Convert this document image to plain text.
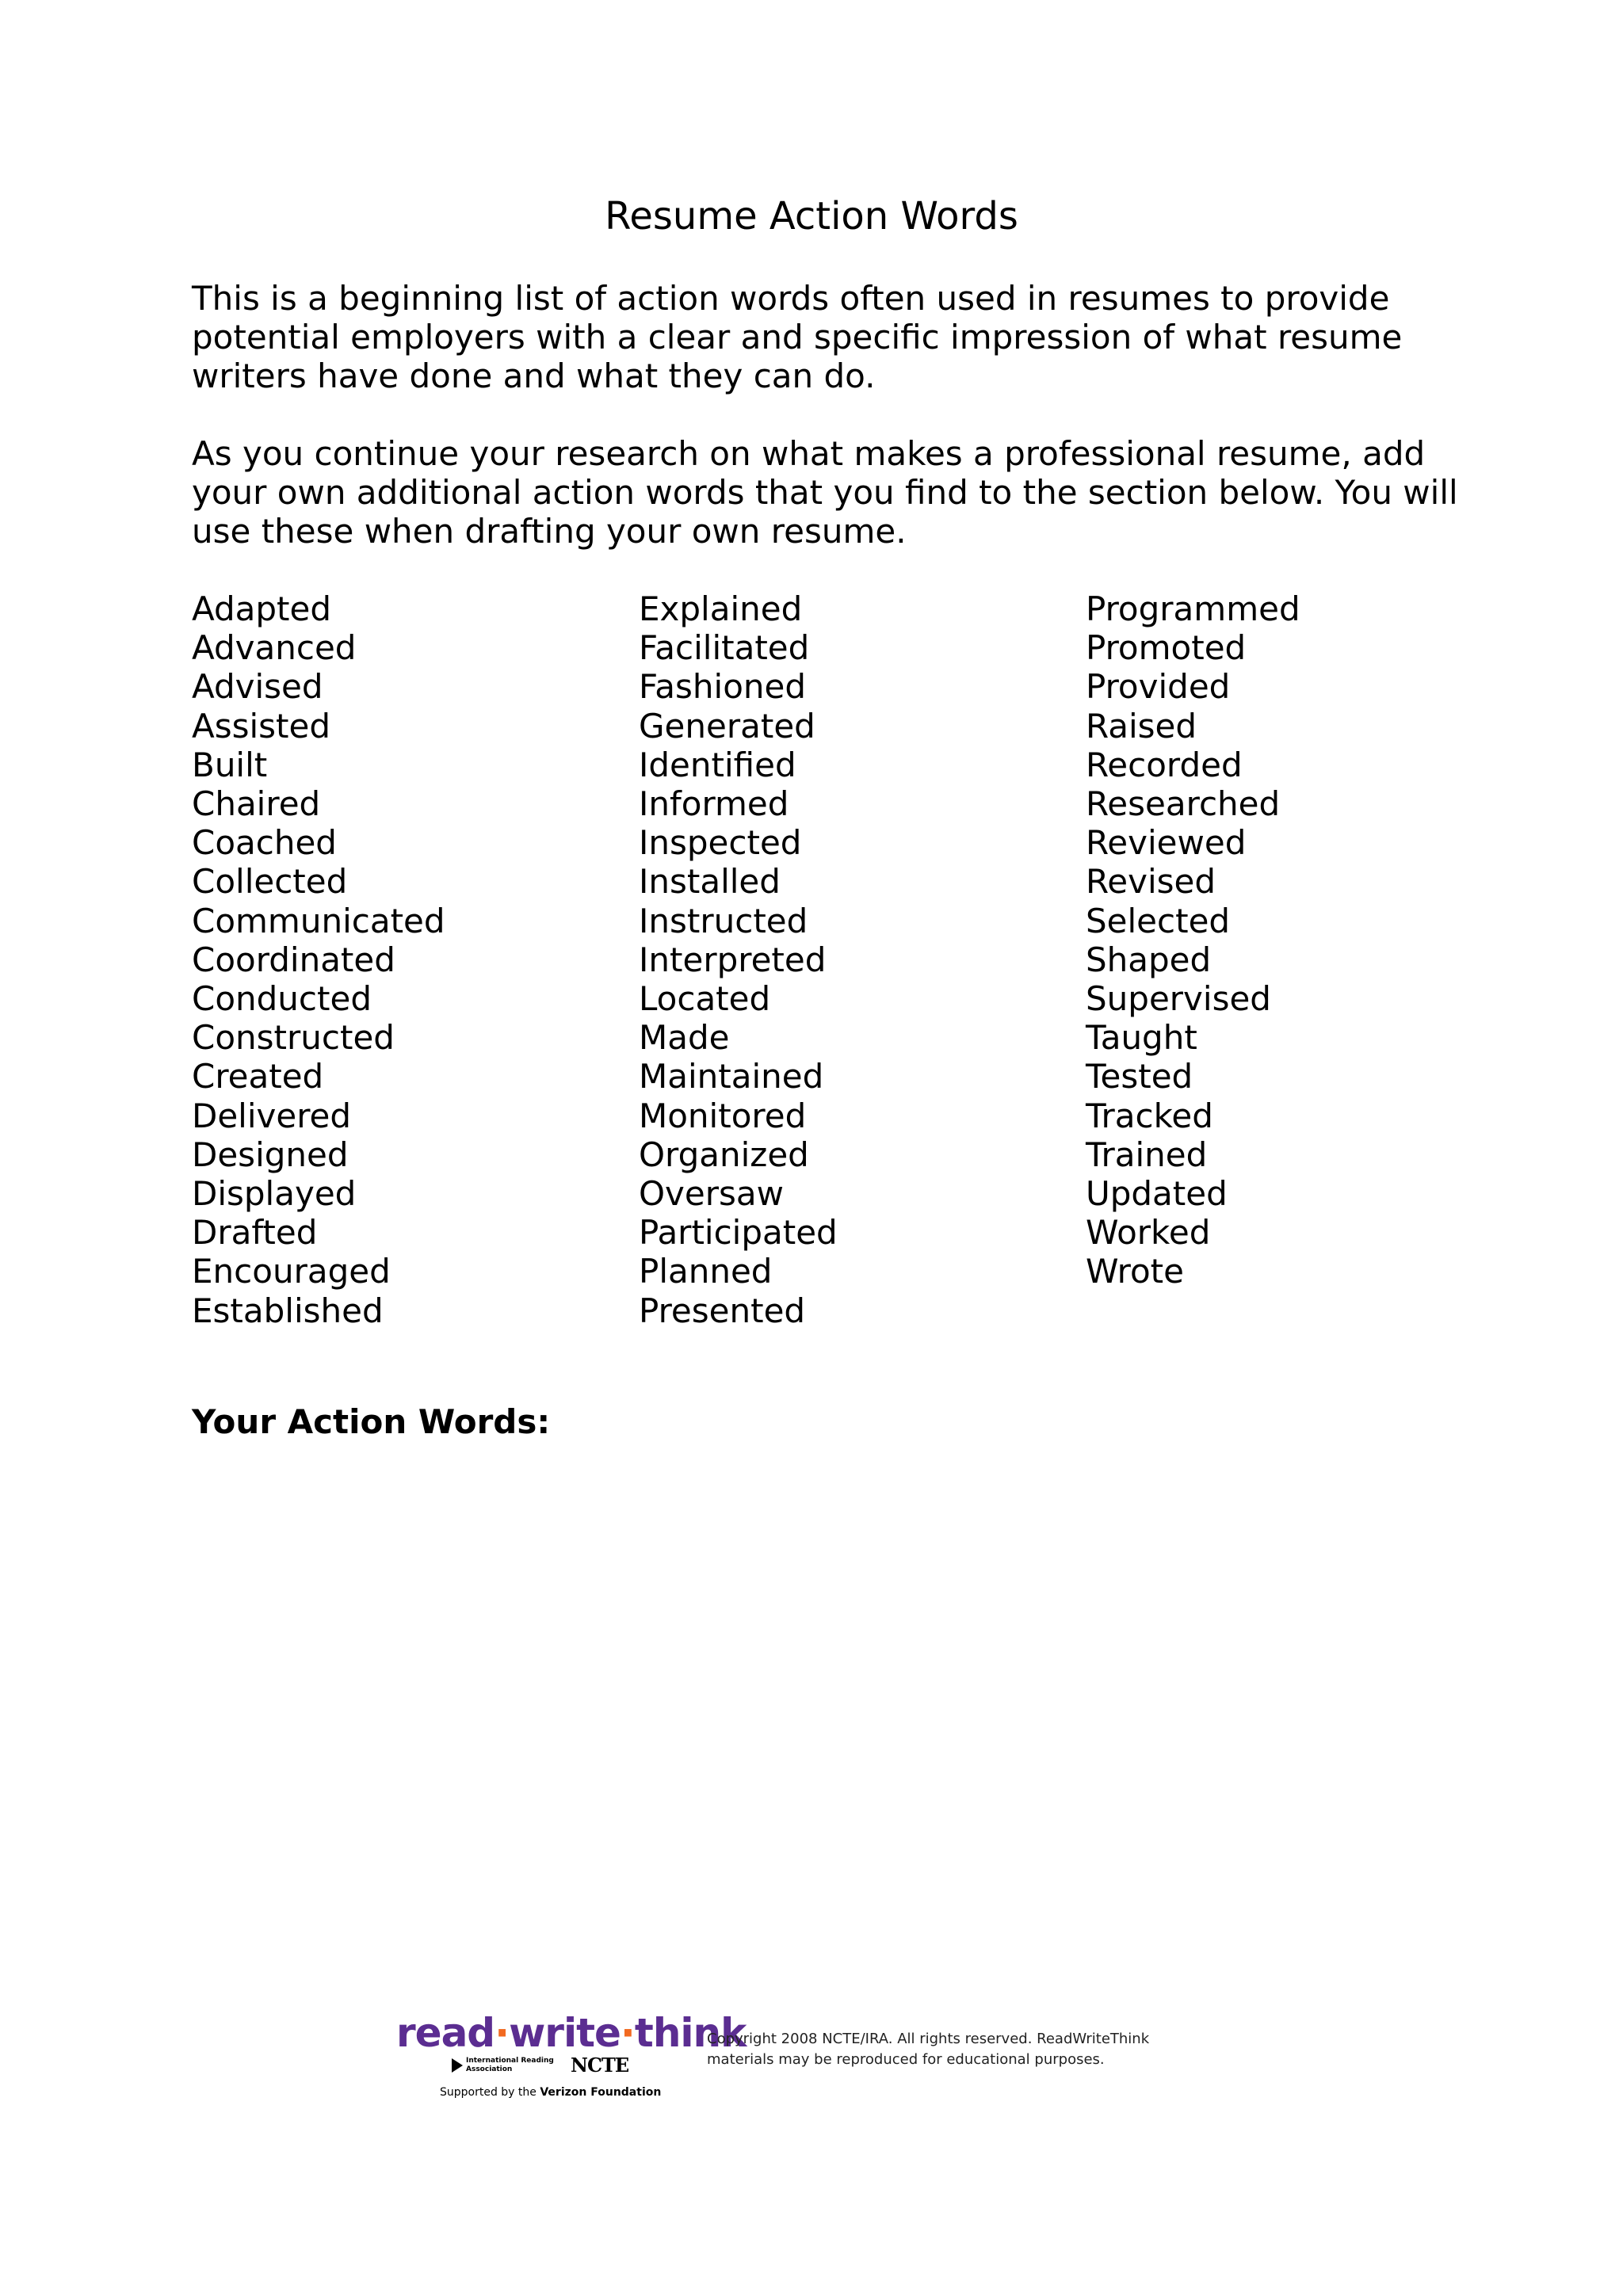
Resume Action Words

This is a beginning list of action words often used in resumes to provide
potential employers with a clear and specific impression of what resume
writers have done and what they can do.

As you continue your research on what makes a professional resume, add
your own additional action words that you find to the section below. You will
use these when drafting your own resume.

Adapted
Advanced
Advised
Assisted
Built
Chaired
Coached
Collected
Communicated
Coordinated
Conducted
Constructed
Created
Delivered
Designed
Displayed
Drafted
Encouraged
Established
Explained
Facilitated
Fashioned
Generated
Identified
Informed
Inspected
Installed
Instructed
Interpreted
Located
Made
Maintained
Monitored
Organized
Oversaw
Participated
Planned
Presented
Programmed
Promoted
Provided
Raised
Recorded
Researched
Reviewed
Revised
Selected
Shaped
Supervised
Taught
Tested
Tracked
Trained
Updated
Worked
Wrote
Your Action Words:
read·write·think
International Reading Association	NCTE
Supported by the Verizon Foundation
Copyright 2008 NCTE/IRA. All rights reserved. ReadWriteThink
materials may be reproduced for educational purposes.
